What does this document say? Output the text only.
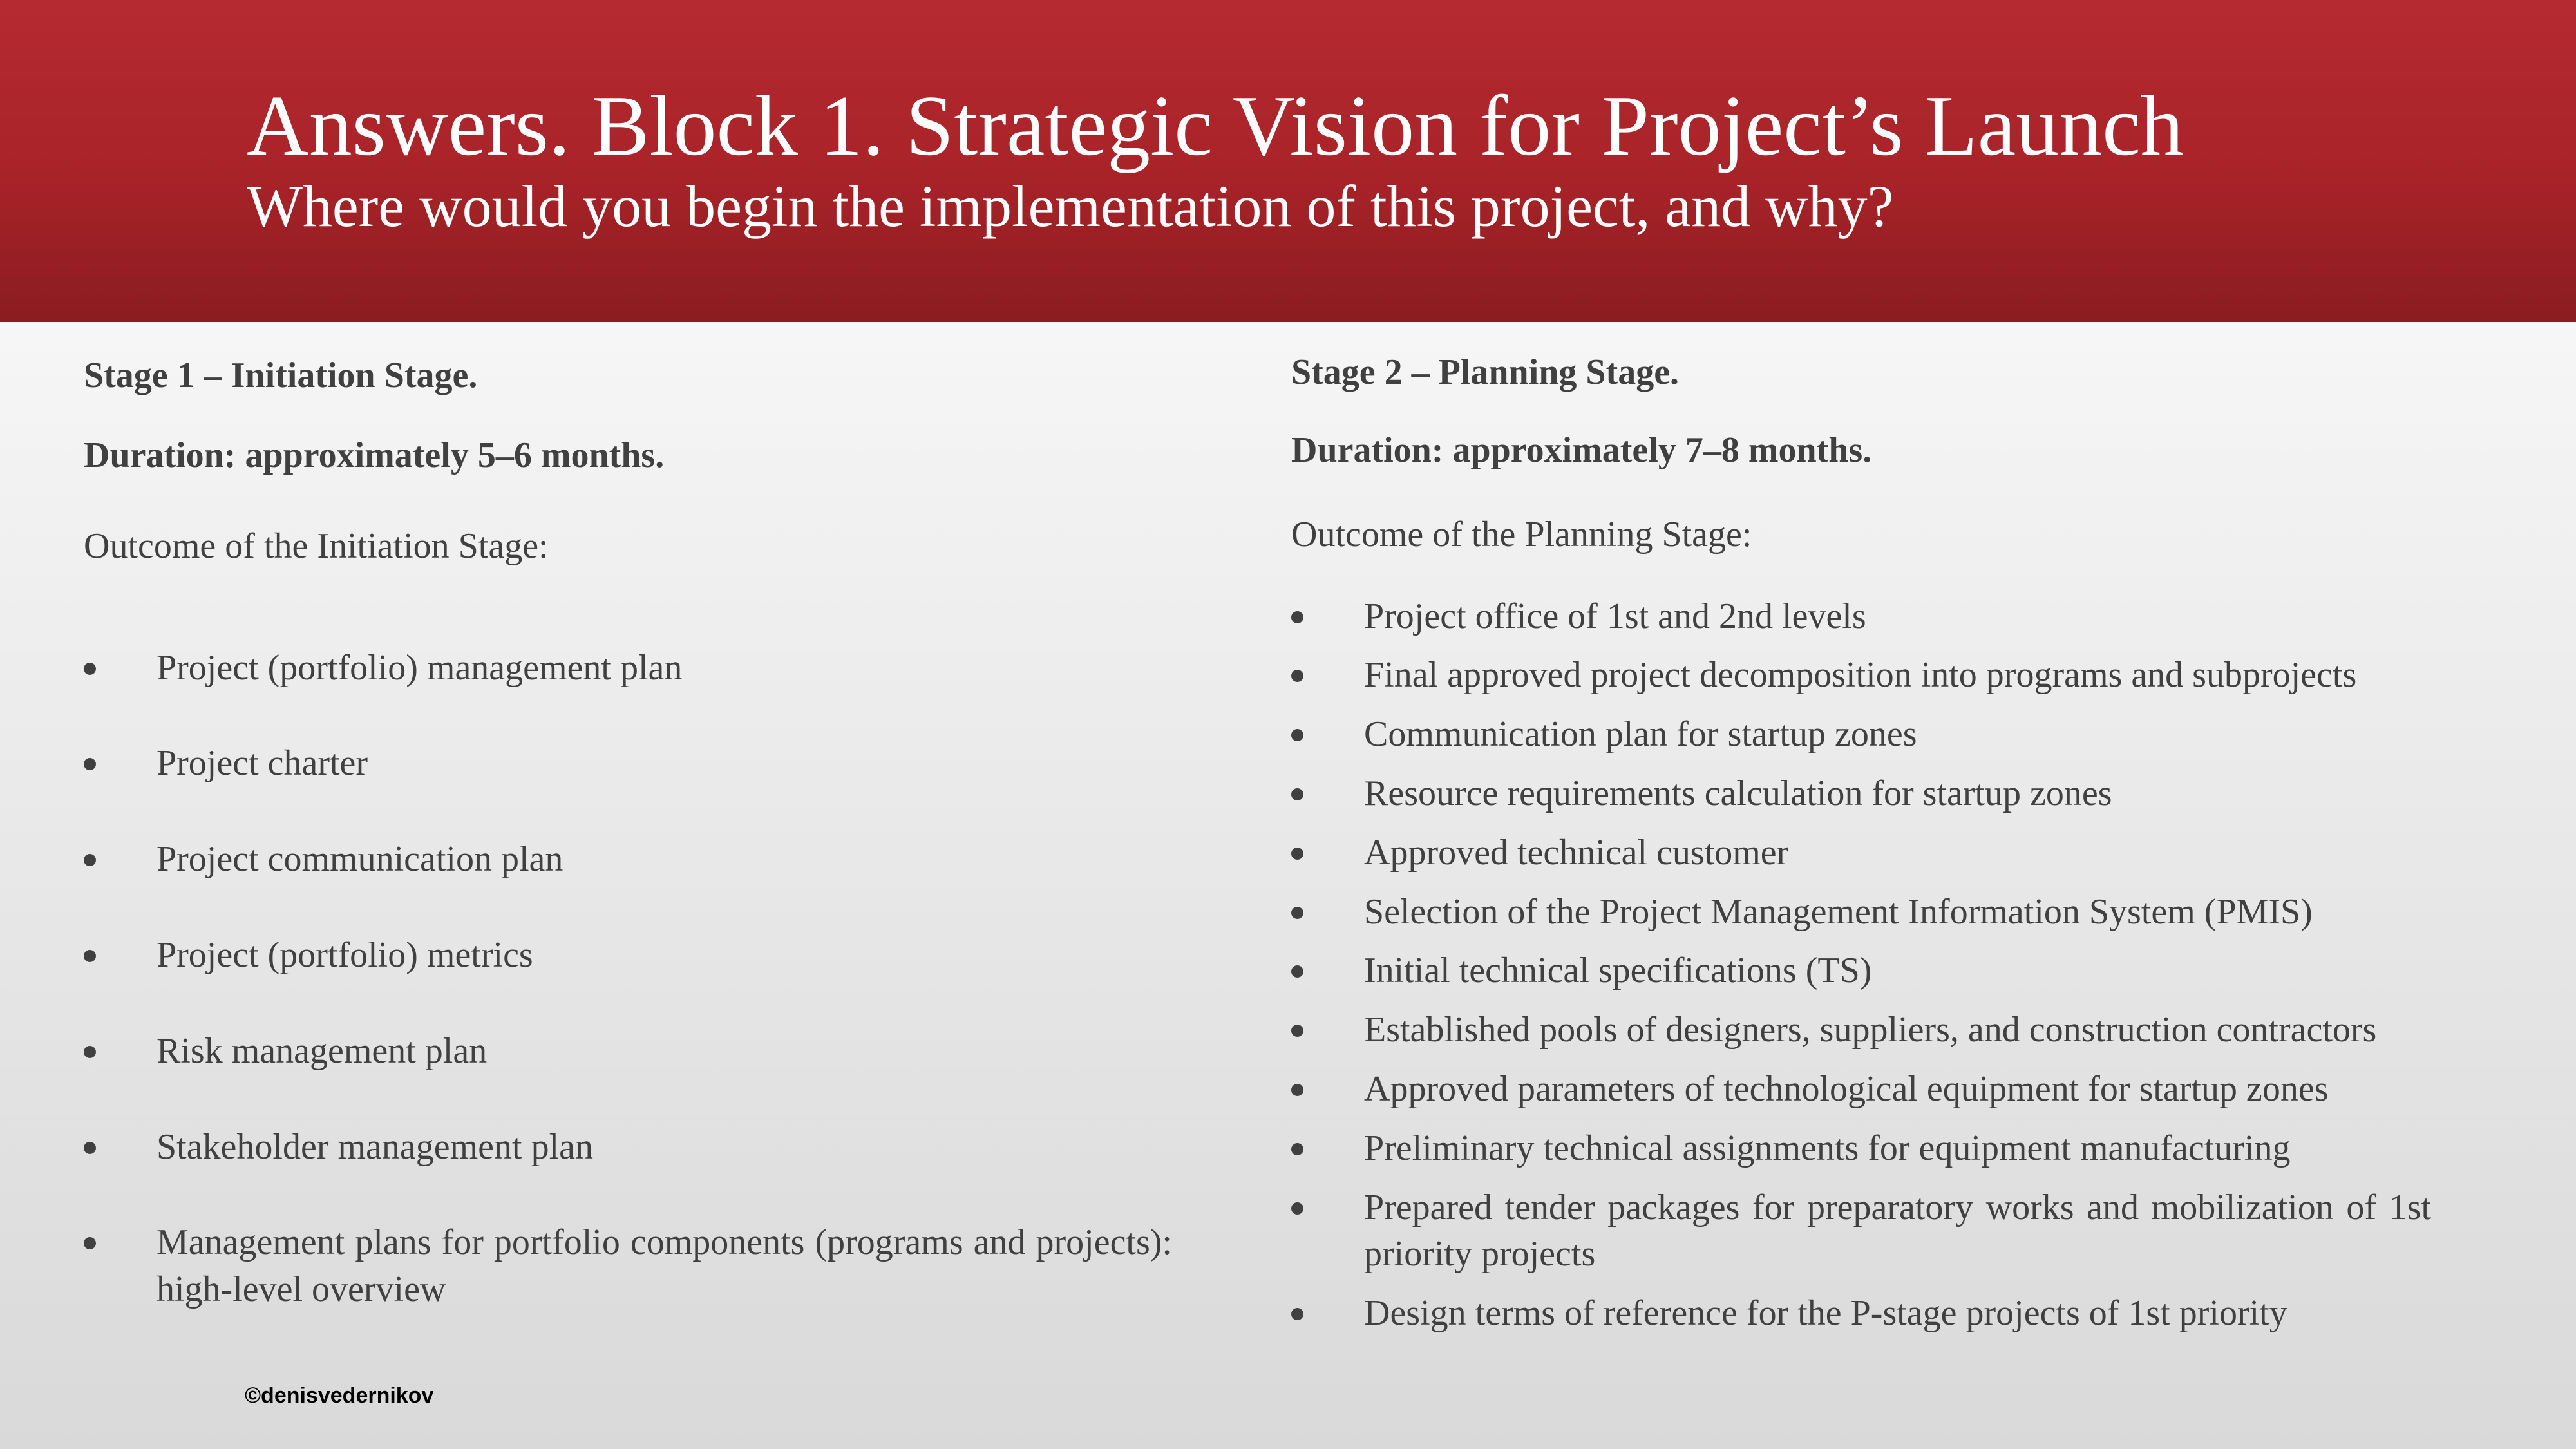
Answers. Block 1. Strategic Vision for Project’s Launch
Where would you begin the implementation of this project, and why?
Stage 1 – Initiation Stage.
Duration: approximately 5–6 months.
Outcome of the Initiation Stage:
Project (portfolio) management plan
Project charter
Project communication plan
Project (portfolio) metrics
Risk management plan
Stakeholder management plan
Management plans for portfolio components (programs and projects): high-level overview
Stage 2 – Planning Stage.
Duration: approximately 7–8 months.
Outcome of the Planning Stage:
Project office of 1st and 2nd levels
Final approved project decomposition into programs and subprojects
Communication plan for startup zones
Resource requirements calculation for startup zones
Approved technical customer
Selection of the Project Management Information System (PMIS)
Initial technical specifications (TS)
Established pools of designers, suppliers, and construction contractors
Approved parameters of technological equipment for startup zones
Preliminary technical assignments for equipment manufacturing
Prepared tender packages for preparatory works and mobilization of 1st priority projects
Design terms of reference for the P-stage projects of 1st priority
©denisvedernikov
